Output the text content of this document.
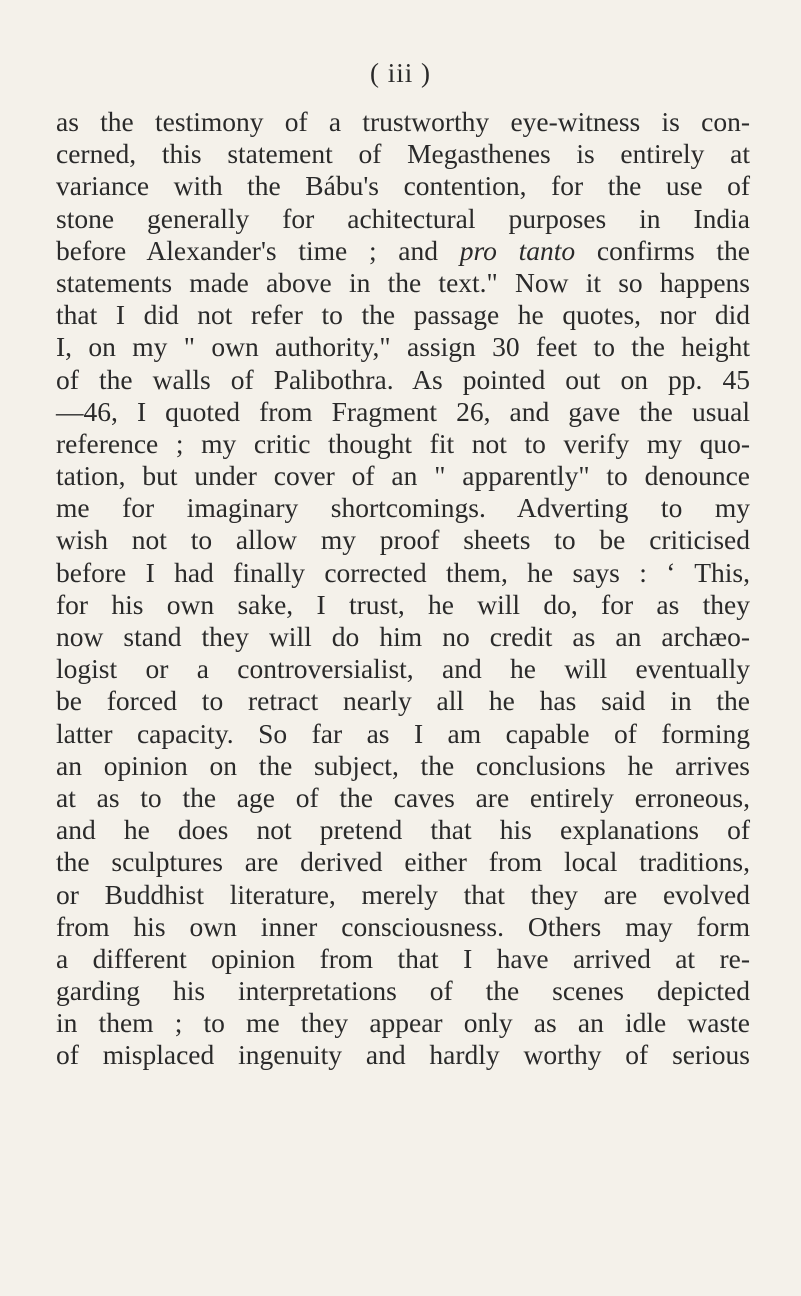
( iii )
as the testimony of a trustworthy eye-witness is con-
cerned, this statement of Megasthenes is entirely at
variance with the Bábu's contention, for the use of
stone generally for achitectural purposes in India
before Alexander's time ; and pro tanto confirms the
statements made above in the text." Now it so happens
that I did not refer to the passage he quotes, nor did
I, on my " own authority," assign 30 feet to the height
of the walls of Palibothra. As pointed out on pp. 45
—46, I quoted from Fragment 26, and gave the usual
reference ; my critic thought fit not to verify my quo-
tation, but under cover of an " apparently" to denounce
me for imaginary shortcomings. Adverting to my
wish not to allow my proof sheets to be criticised
before I had finally corrected them, he says : ‘ This,
for his own sake, I trust, he will do, for as they
now stand they will do him no credit as an archæo-
logist or a controversialist, and he will eventually
be forced to retract nearly all he has said in the
latter capacity. So far as I am capable of forming
an opinion on the subject, the conclusions he arrives
at as to the age of the caves are entirely erroneous,
and he does not pretend that his explanations of
the sculptures are derived either from local traditions,
or Buddhist literature, merely that they are evolved
from his own inner consciousness. Others may form
a different opinion from that I have arrived at re-
garding his interpretations of the scenes depicted
in them ; to me they appear only as an idle waste
of misplaced ingenuity and hardly worthy of serious
